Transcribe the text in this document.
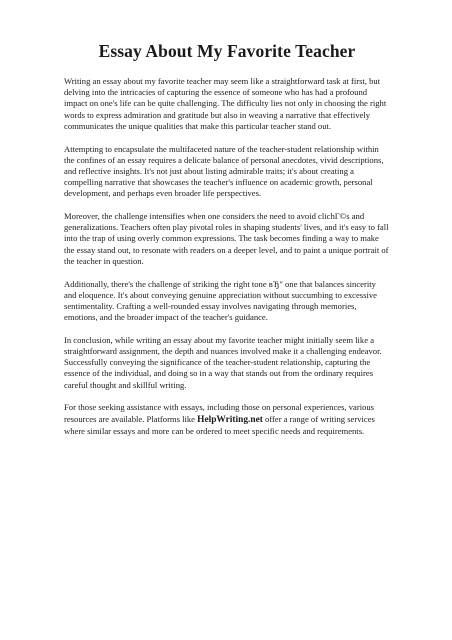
Essay About My Favorite Teacher

Writing an essay about my favorite teacher may seem like a straightforward task at first, but delving into the intricacies of capturing the essence of someone who has had a profound impact on one's life can be quite challenging. The difficulty lies not only in choosing the right words to express admiration and gratitude but also in weaving a narrative that effectively communicates the unique qualities that make this particular teacher stand out.

Attempting to encapsulate the multifaceted nature of the teacher-student relationship within the confines of an essay requires a delicate balance of personal anecdotes, vivid descriptions, and reflective insights. It's not just about listing admirable traits; it's about creating a compelling narrative that showcases the teacher's influence on academic growth, personal development, and perhaps even broader life perspectives.

Moreover, the challenge intensifies when one considers the need to avoid clichГ©s and generalizations. Teachers often play pivotal roles in shaping students' lives, and it's easy to fall into the trap of using overly common expressions. The task becomes finding a way to make the essay stand out, to resonate with readers on a deeper level, and to paint a unique portrait of the teacher in question.

Additionally, there's the challenge of striking the right tone вЂ" one that balances sincerity and eloquence. It's about conveying genuine appreciation without succumbing to excessive sentimentality. Crafting a well-rounded essay involves navigating through memories, emotions, and the broader impact of the teacher's guidance.

In conclusion, while writing an essay about my favorite teacher might initially seem like a straightforward assignment, the depth and nuances involved make it a challenging endeavor. Successfully conveying the significance of the teacher-student relationship, capturing the essence of the individual, and doing so in a way that stands out from the ordinary requires careful thought and skillful writing.

For those seeking assistance with essays, including those on personal experiences, various resources are available. Platforms like HelpWriting.net offer a range of writing services where similar essays and more can be ordered to meet specific needs and requirements.
